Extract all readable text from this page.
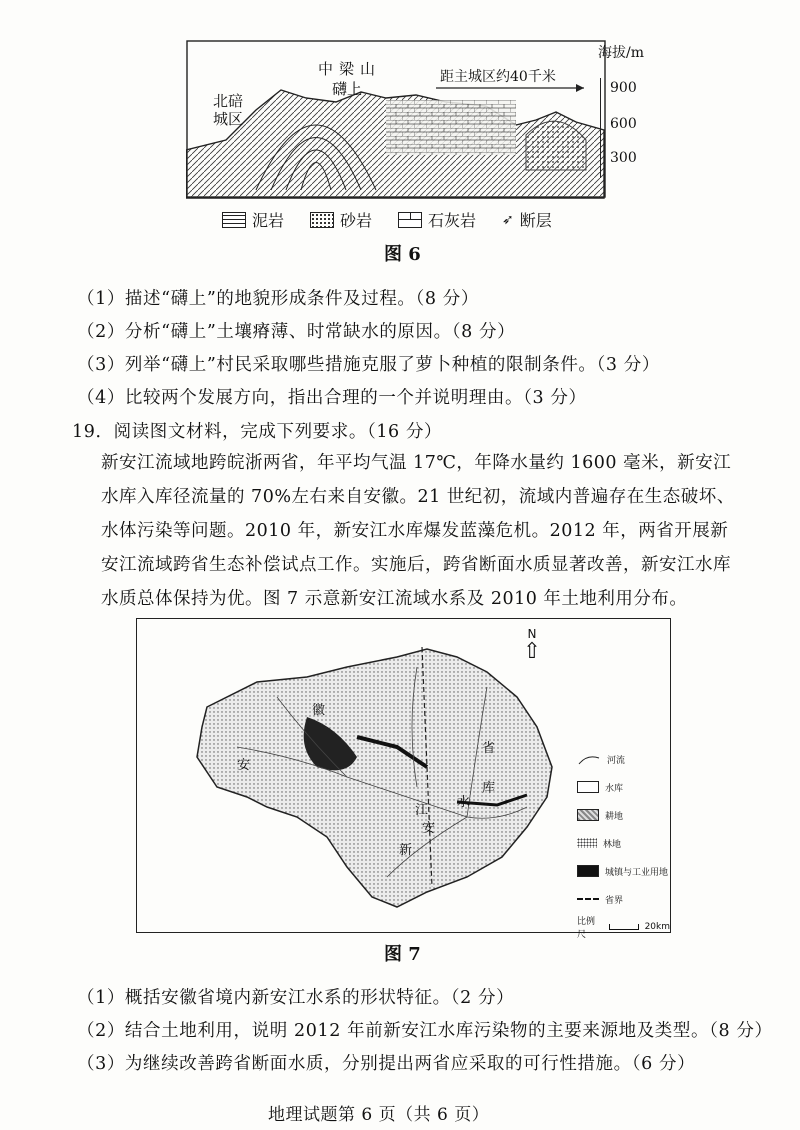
中梁山
礴上
北碚城区
距主城区约40千米
海拔/m
900
600
300
泥岩	砂岩	石灰岩 ➶ 断层
图 6
（1）描述“礴上”的地貌形成条件及过程。（8 分）
（2）分析“礴上”土壤瘠薄、时常缺水的原因。（8 分）
（3）列举“礴上”村民采取哪些措施克服了萝卜种植的限制条件。（3 分）
（4）比较两个发展方向，指出合理的一个并说明理由。（3 分）
19．阅读图文材料，完成下列要求。（16 分）
新安江流域地跨皖浙两省，年平均气温 17℃，年降水量约 1600 毫米，新安江水库入库径流量的 70%左右来自安徽。21 世纪初，流域内普遍存在生态破坏、水体污染等问题。2010 年，新安江水库爆发蓝藻危机。2012 年，两省开展新安江流域跨省生态补偿试点工作。实施后，跨省断面水质显著改善，新安江水库水质总体保持为优。图 7 示意新安江流域水系及 2010 年土地利用分布。
N
⇧
安
徽
新
安
江
水
库
省
河流
水库
耕地
林地
城镇与工业用地
省界
比例尺
20km
图 7
（1）概括安徽省境内新安江水系的形状特征。（2 分）
（2）结合土地利用，说明 2012 年前新安江水库污染物的主要来源地及类型。（8 分）
（3）为继续改善跨省断面水质，分别提出两省应采取的可行性措施。（6 分）
地理试题第 6 页（共 6 页）
